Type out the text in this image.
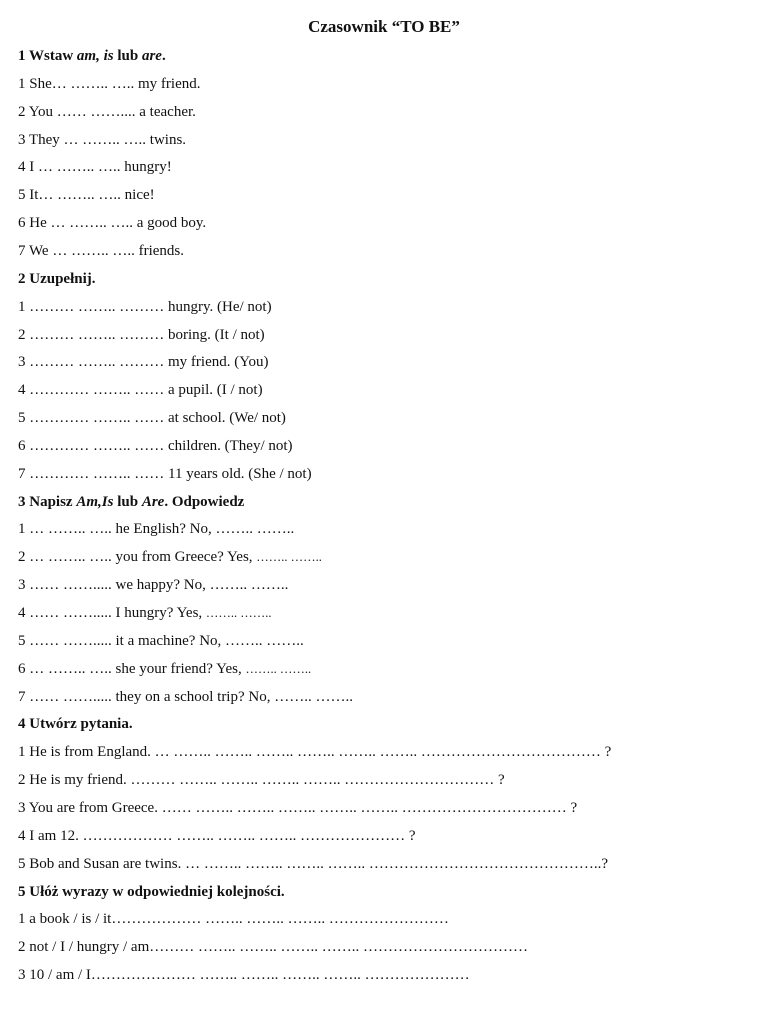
Czasownik “TO BE”
1 Wstaw am, is lub are.
1 She… …….. ….. my friend.
2 You …… …….... a teacher.
3 They … …….. ….. twins.
4 I … …….. ….. hungry!
5 It… …….. ….. nice!
6 He … …….. ….. a good boy.
7 We … …….. ….. friends.
2 Uzupełnij.
1 ……… …….. ……… hungry. (He/ not)
2 ……… …….. ……… boring. (It / not)
3 ……… …….. ……… my friend. (You)
4 ………… …….. …… a pupil. (I / not)
5 ………… …….. …… at school. (We/ not)
6 ………… …….. …… children. (They/ not)
7 ………… …….. …… 11 years old. (She / not)
3 Napisz Am,Is lub Are. Odpowiedz
1 … …….. ….. he English? No, …….. ……..
2 … …….. ….. you from Greece? Yes, …….. ……..
3 …… ……..... we happy? No, …….. ……..
4 …… ……..... I hungry? Yes, …….. ……..
5 …… ……..... it a machine? No, …….. ……..
6 … …….. ….. she your friend? Yes, …….. ……..
7 …… ……..... they on a school trip? No, …….. ……..
4 Utwórz pytania.
1 He is from England. … …….. …….. …….. …….. …….. …….. ……………………………… ?
2 He is my friend. ……… …….. …….. …….. …….. ………………………… ?
3 You are from Greece. …… …….. …….. …….. …….. …….. …………………………… ?
4 I am 12. ……………… …….. …….. …….. ………………… ?
5 Bob and Susan are twins. … …….. …….. …….. …….. ………………………………………..?
5 Ułóż wyrazy w odpowiedniej kolejności.
1 a book / is / it……………… …….. …….. …….. ……………………
2 not / I / hungry / am……… …….. …….. …….. …….. ……………………………
3 10 / am / I………………… …….. …….. …….. …….. …………………
